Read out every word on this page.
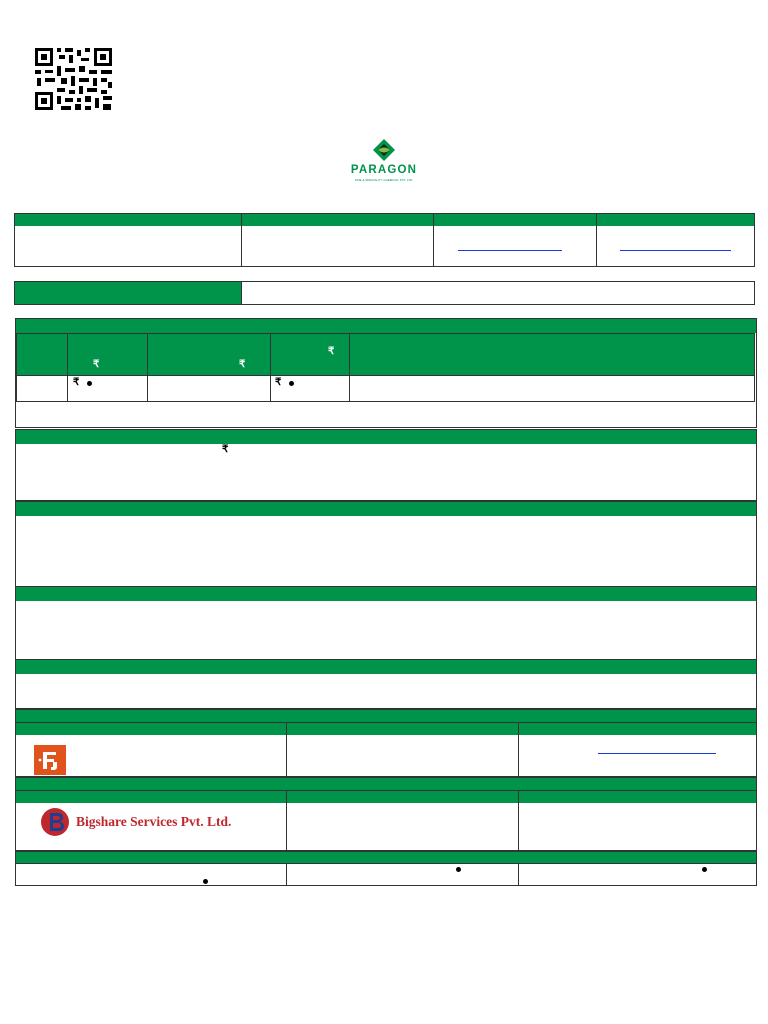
PARAGON
FINE & SPECIALITY CHEMICAL PVT. LTD.
₹	₹
₹
₹	₹
₹
Bigshare Services Pvt. Ltd.
